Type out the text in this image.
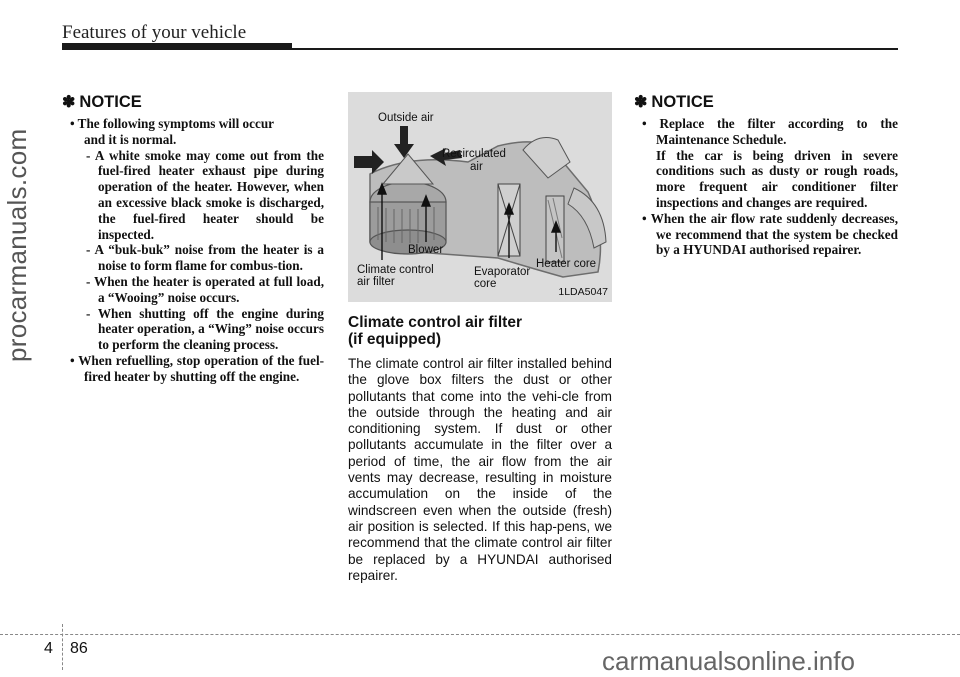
Features of your vehicle
procarmanuals.com
✽ NOTICE

• The following symptoms will occur

and it is normal.

- A white smoke may come out from the fuel-fired heater exhaust pipe during operation of the heater. However, when an excessive black smoke is discharged, the fuel-fired heater should be inspected.

- A “buk-buk” noise from the heater is a noise to form flame for combus-tion.

- When the heater is operated at full load, a “Wooing” noise occurs.

- When shutting off the engine during heater operation, a “Wing” noise occurs to perform the cleaning process.

• When refuelling, stop operation of the fuel-fired heater by shutting off the engine.

Outside air
Recirculated
air
Blower
Climate control
air filter
Evaporator
core
Heater core
1LDA5047
Climate control air filter
(if equipped)

The climate control air filter installed behind the glove box filters the dust or other pollutants that come into the vehi-cle from the outside through the heating and air conditioning system. If dust or other pollutants accumulate in the filter over a period of time, the air flow from the air vents may decrease, resulting in moisture accumulation on the inside of the windscreen even when the outside (fresh) air position is selected. If this hap-pens, we recommend that the climate control air filter be replaced by a HYUNDAI authorised repairer.

✽ NOTICE

• Replace the filter according to the Maintenance Schedule.

If the car is being driven in severe conditions such as dusty or rough roads, more frequent air conditioner filter inspections and changes are required.

• When the air flow rate suddenly decreases, we recommend that the system be checked by a HYUNDAI authorised repairer.

4 86	carmanualsonline.info
